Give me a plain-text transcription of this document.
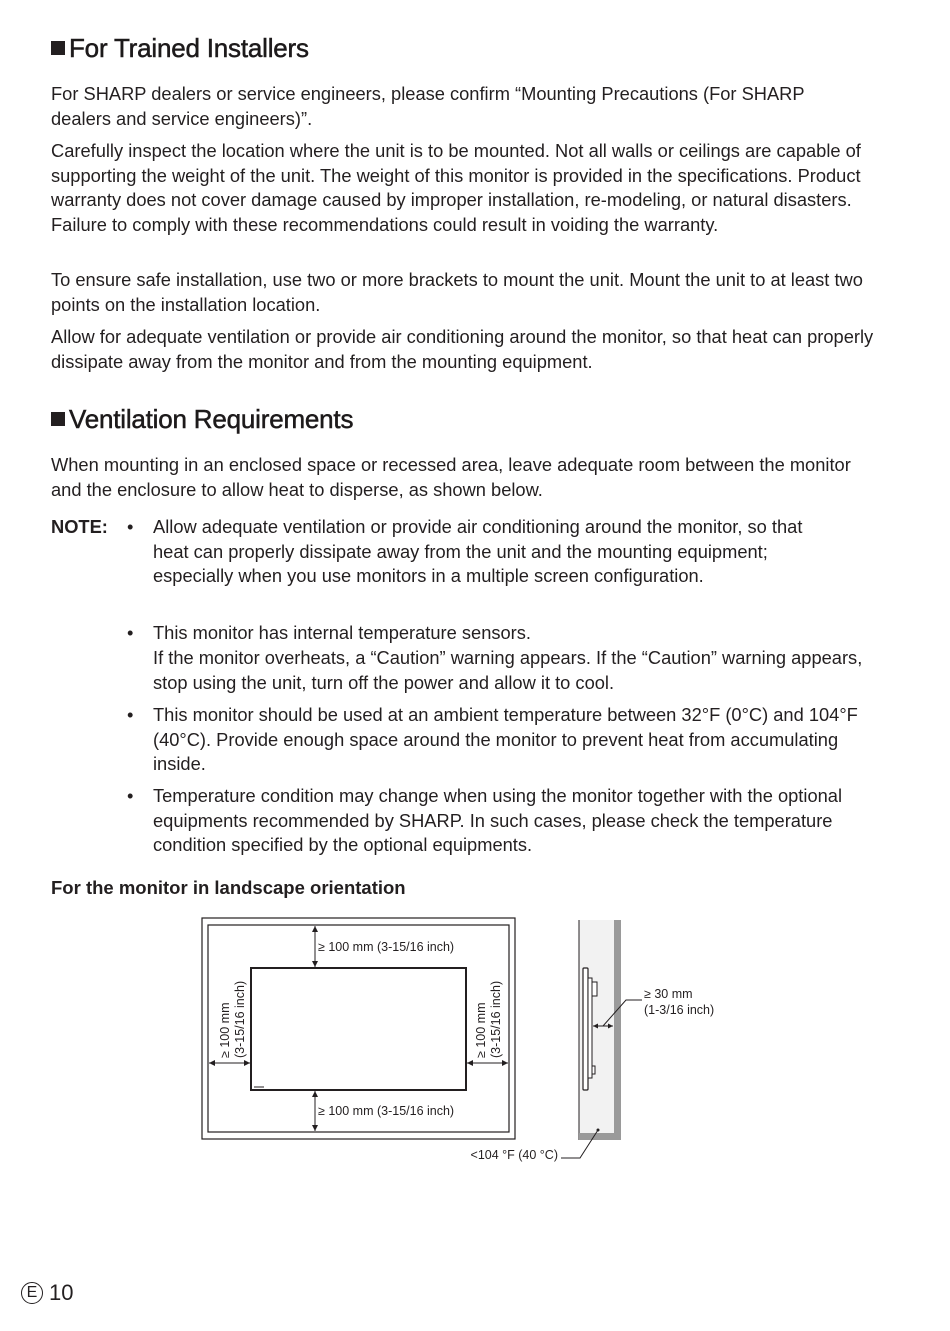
For Trained Installers

For SHARP dealers or service engineers, please confirm “Mounting Precautions (For SHARP dealers and service engineers)”.

Carefully inspect the location where the unit is to be mounted. Not all walls or ceilings are capable of supporting the weight of the unit. The weight of this monitor is provided in the specifications. Product warranty does not cover damage caused by improper installation, re-modeling, or natural disasters. Failure to comply with these recommendations could result in voiding the warranty.

To ensure safe installation, use two or more brackets to mount the unit. Mount the unit to at least two points on the installation location.

Allow for adequate ventilation or provide air conditioning around the monitor, so that heat can properly dissipate away from the monitor and from the mounting equipment.

Ventilation Requirements

When mounting in an enclosed space or recessed area, leave adequate room between the monitor and the enclosure to allow heat to disperse, as shown below.

NOTE: • Allow adequate ventilation or provide air conditioning around the monitor, so that heat can properly dissipate away from the unit and the mounting equipment; especially when you use monitors in a multiple screen configuration.

• This monitor has internal temperature sensors.

If the monitor overheats, a “Caution” warning appears. If the “Caution” warning appears, stop using the unit, turn off the power and allow it to cool.

• This monitor should be used at an ambient temperature between 32°F (0°C) and 104°F (40°C). Provide enough space around the monitor to prevent heat from accumulating inside.

• Temperature condition may change when using the monitor together with the optional equipments recommended by SHARP. In such cases, please check the temperature condition specified by the optional equipments.

For the monitor in landscape orientation
≥ 100 mm (3-15/16 inch)
≥ 100 mm (3-15/16 inch)
≥ 100 mm (3-15/16 inch)	≥ 100 mm (3-15/16 inch)	≥ 30 mm
(1-3/16 inch)
<104 °F (40 °C)
E 10
